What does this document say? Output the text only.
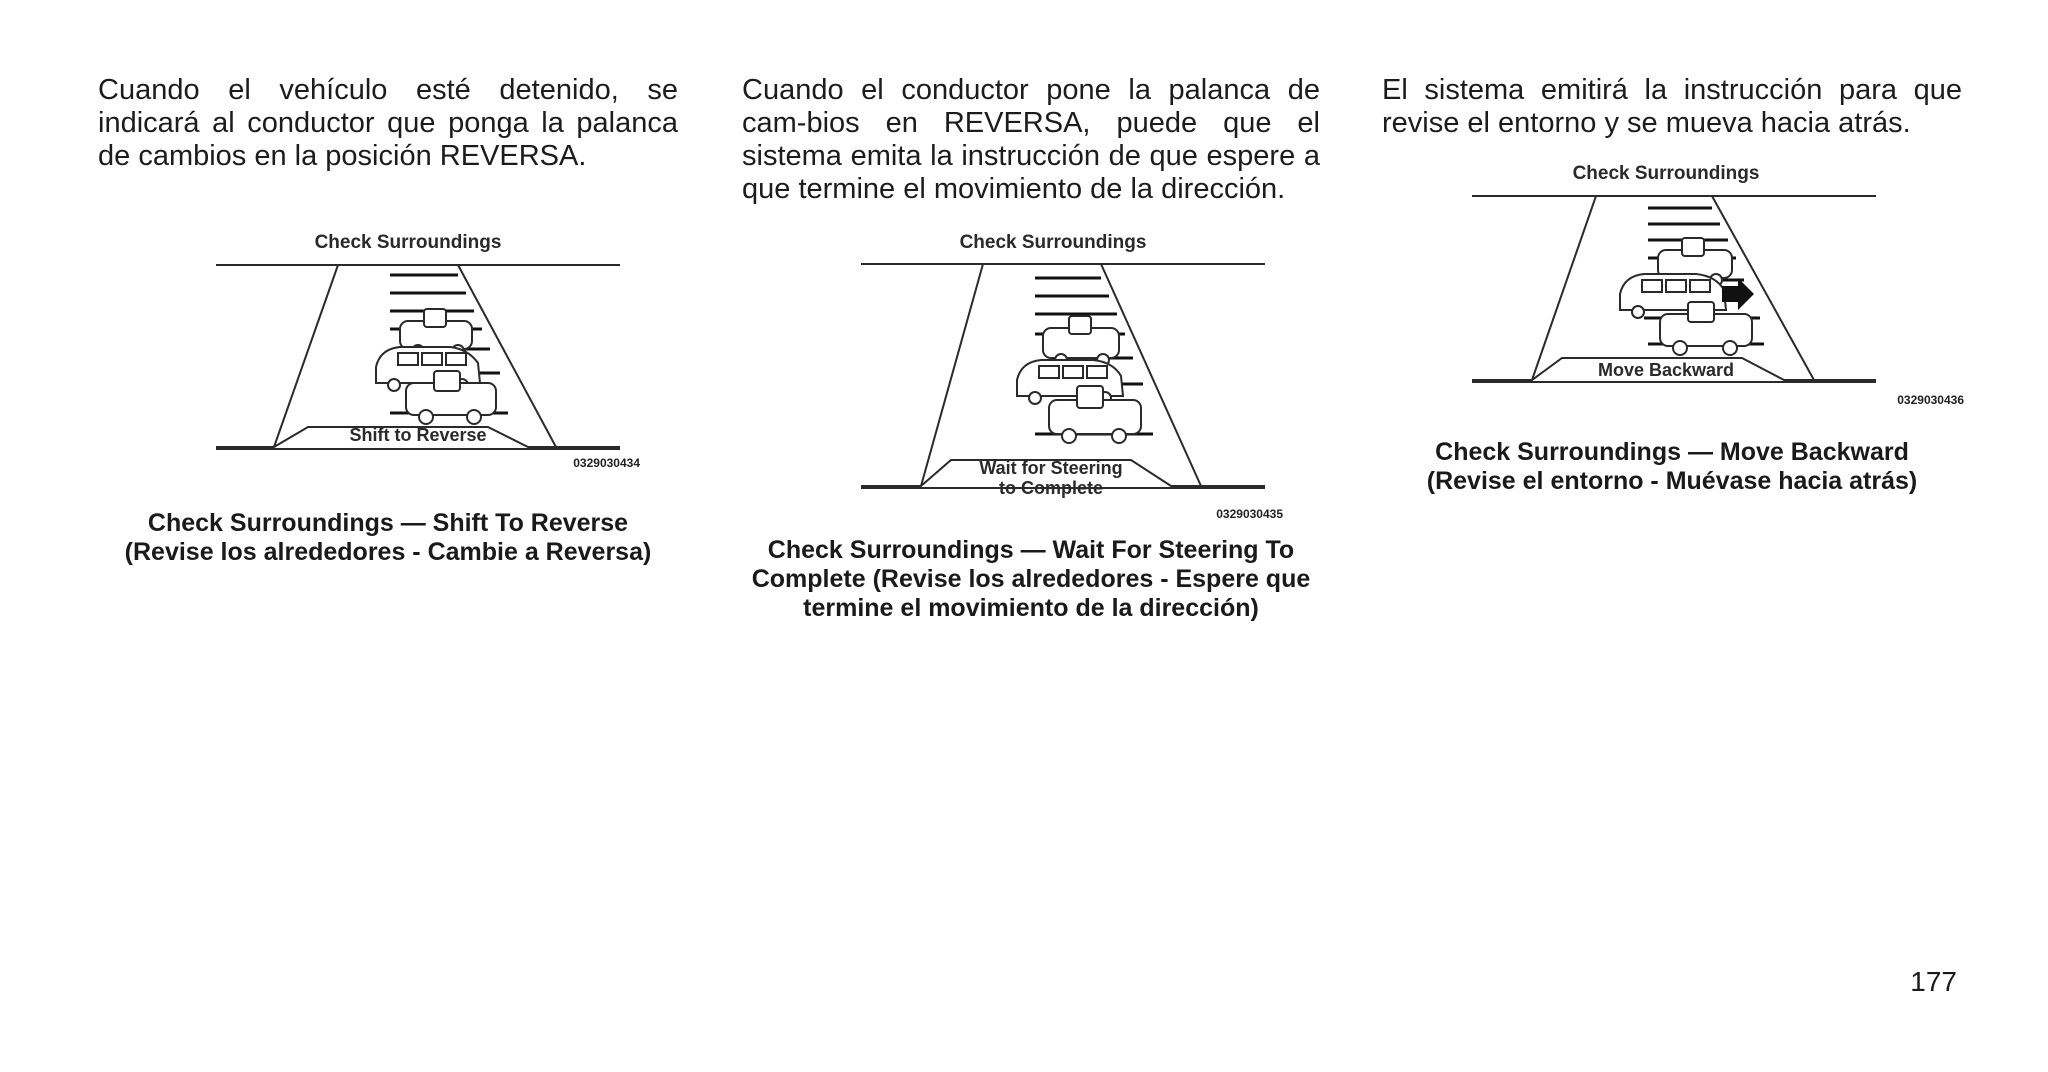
Cuando el vehículo esté detenido, se indicará al conductor que ponga la palanca de cambios en la posición REVERSA.

Check Surroundings
Shift to Reverse
0329030434

Check Surroundings — Shift To Reverse
(Revise los alrededores - Cambie a Reversa)

Cuando el conductor pone la palanca de cam-bios en REVERSA, puede que el sistema emita la instrucción de que espere a que termine el movimiento de la dirección.

Check Surroundings
Wait for Steering
to Complete
0329030435

Check Surroundings — Wait For Steering To
Complete (Revise los alrededores - Espere que
termine el movimiento de la dirección)

El sistema emitirá la instrucción para que revise el entorno y se mueva hacia atrás.

Check Surroundings
Move Backward
0329030436

Check Surroundings — Move Backward
(Revise el entorno - Muévase hacia atrás)

177
